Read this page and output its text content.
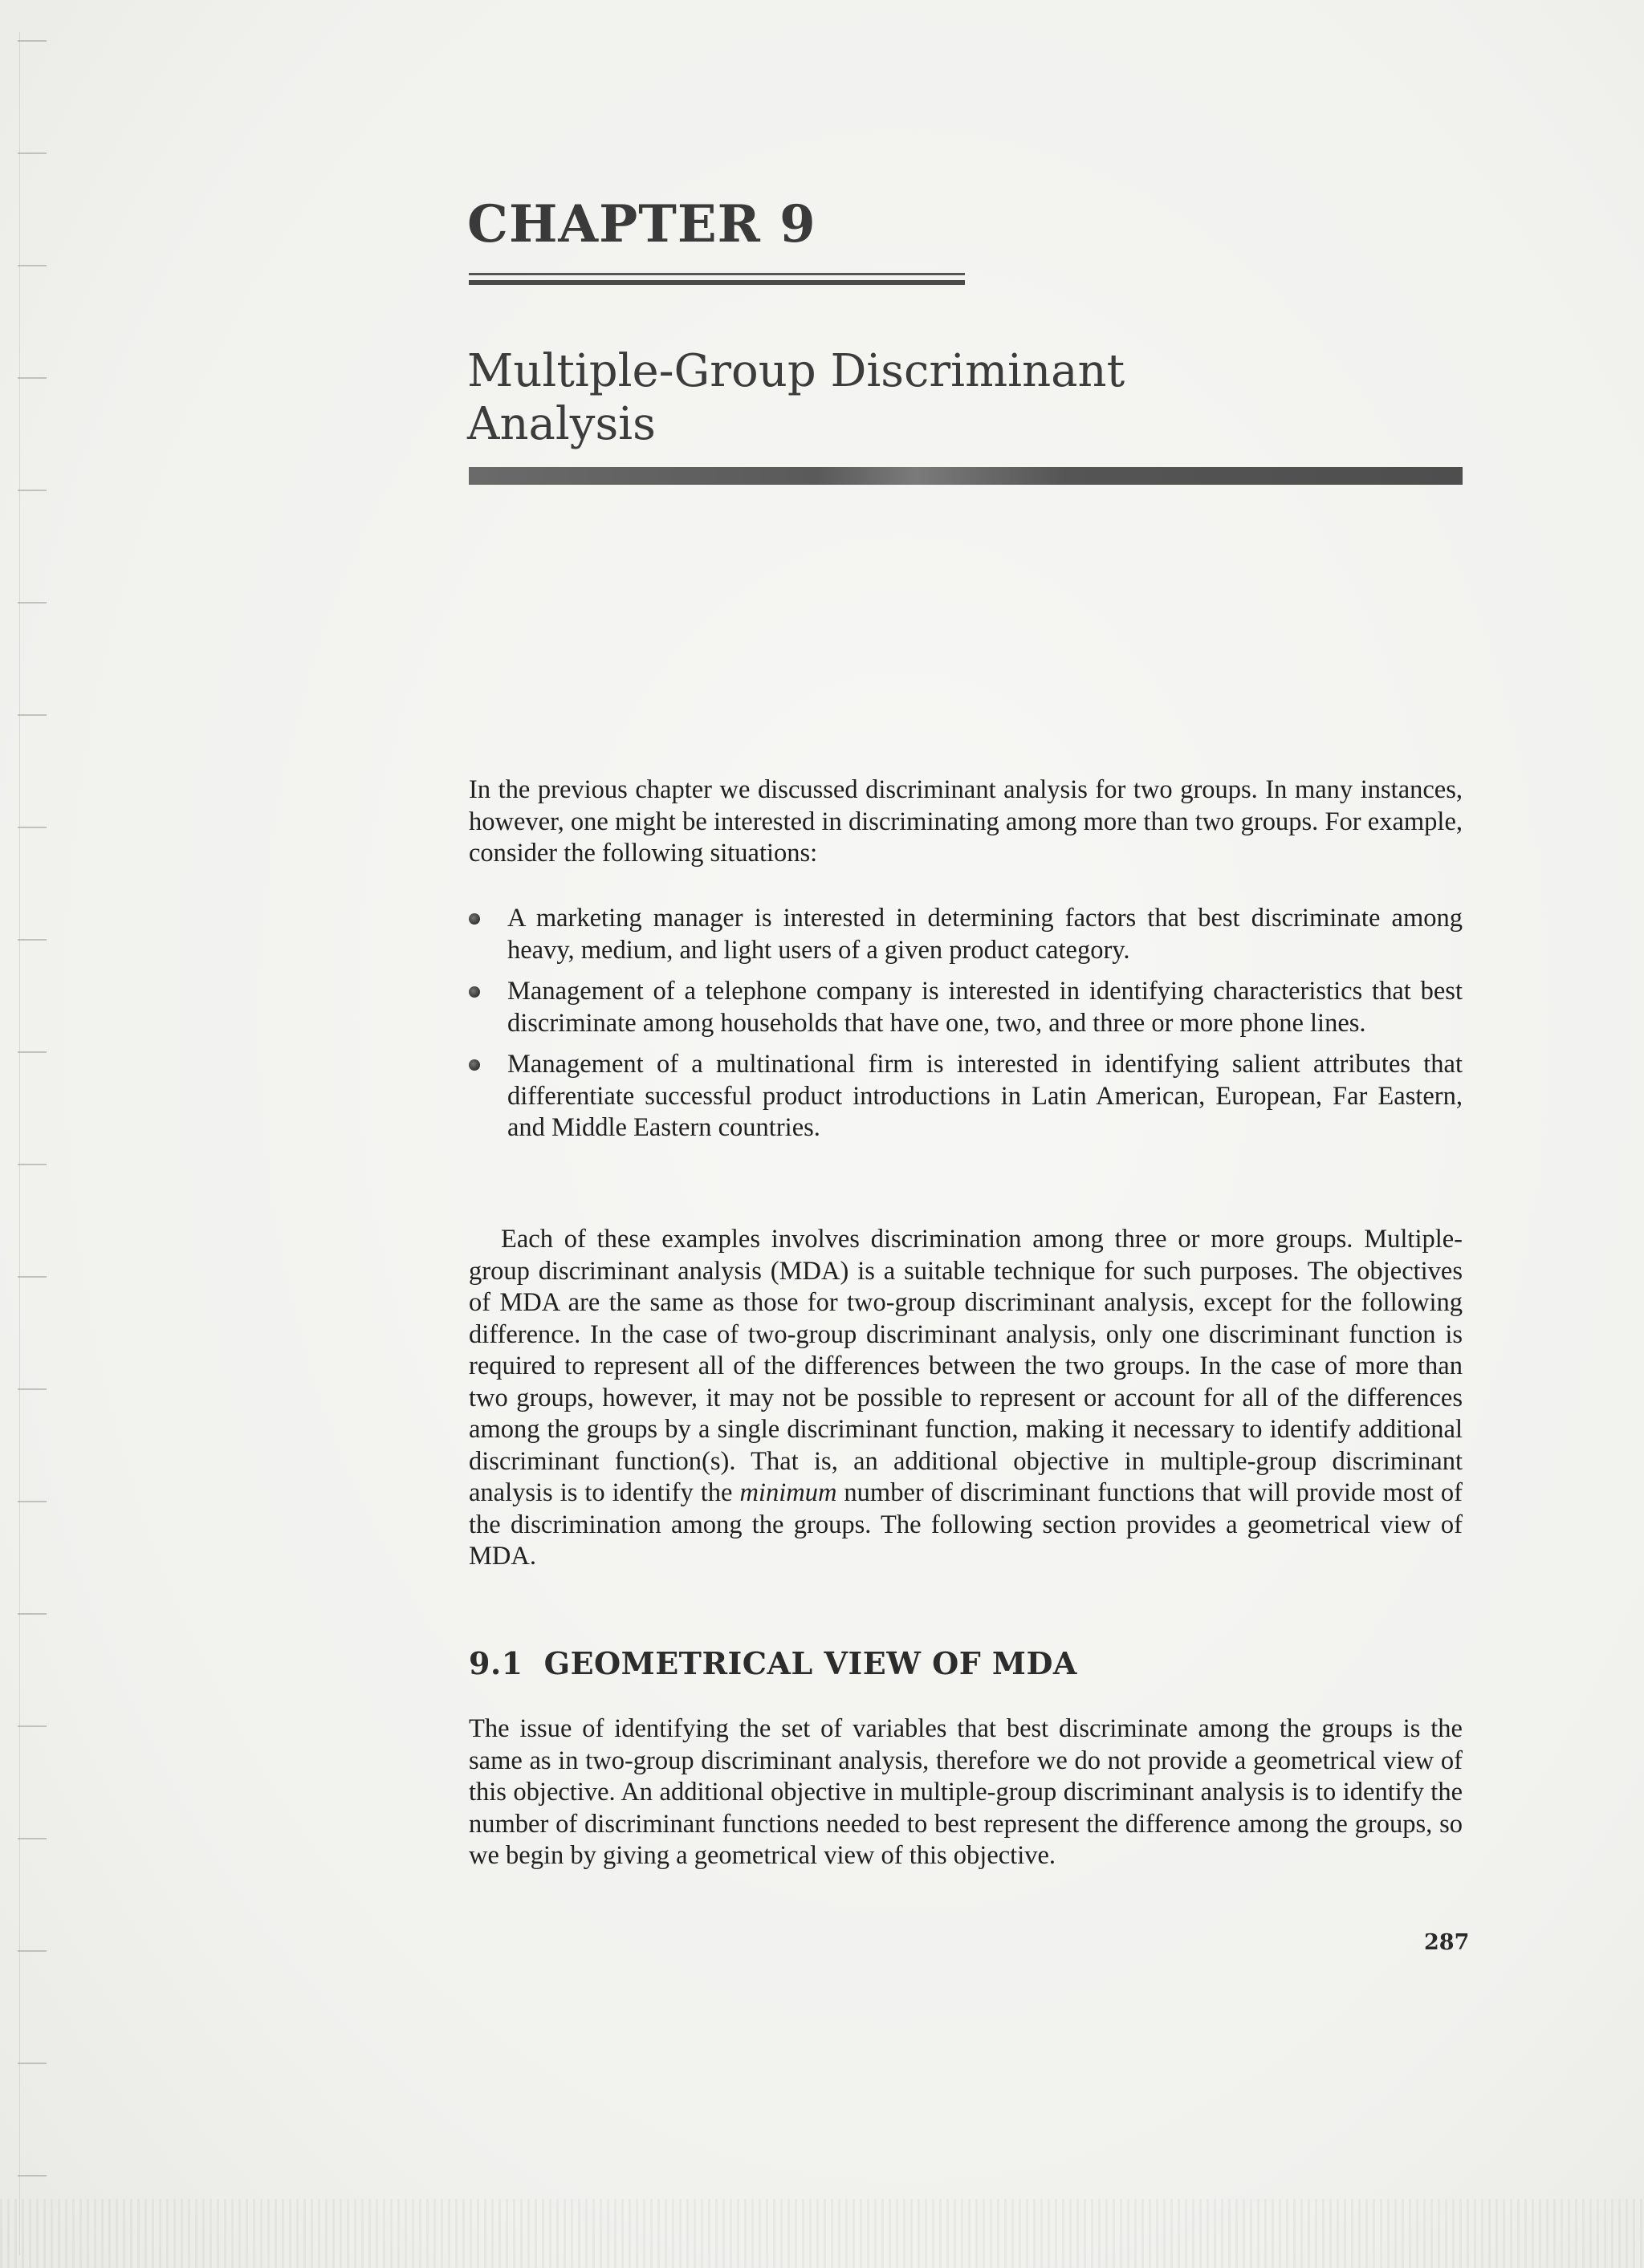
CHAPTER 9
Multiple-Group Discriminant
Analysis

In the previous chapter we discussed discriminant analysis for two groups. In many instances, however, one might be interested in discriminating among more than two groups. For example, consider the following situations:

A marketing manager is interested in determining factors that best discriminate among heavy, medium, and light users of a given product category.
Management of a telephone company is interested in identifying characteristics that best discriminate among households that have one, two, and three or more phone lines.
Management of a multinational firm is interested in identifying salient attributes that differentiate successful product introductions in Latin American, European, Far Eastern, and Middle Eastern countries.

Each of these examples involves discrimination among three or more groups. Multiple-group discriminant analysis (MDA) is a suitable technique for such purposes. The objectives of MDA are the same as those for two-group discriminant analysis, except for the following difference. In the case of two-group discriminant analysis, only one discriminant function is required to represent all of the differences between the two groups. In the case of more than two groups, however, it may not be possible to represent or account for all of the differences among the groups by a single discriminant function, making it necessary to identify additional discriminant function(s). That is, an additional objective in multiple-group discriminant analysis is to identify the minimum number of discriminant functions that will provide most of the discrimination among the groups. The following section provides a geometrical view of MDA.

9.1 GEOMETRICAL VIEW OF MDA

The issue of identifying the set of variables that best discriminate among the groups is the same as in two-group discriminant analysis, therefore we do not provide a geometrical view of this objective. An additional objective in multiple-group discriminant analysis is to identify the number of discriminant functions needed to best represent the difference among the groups, so we begin by giving a geometrical view of this objective.

287
